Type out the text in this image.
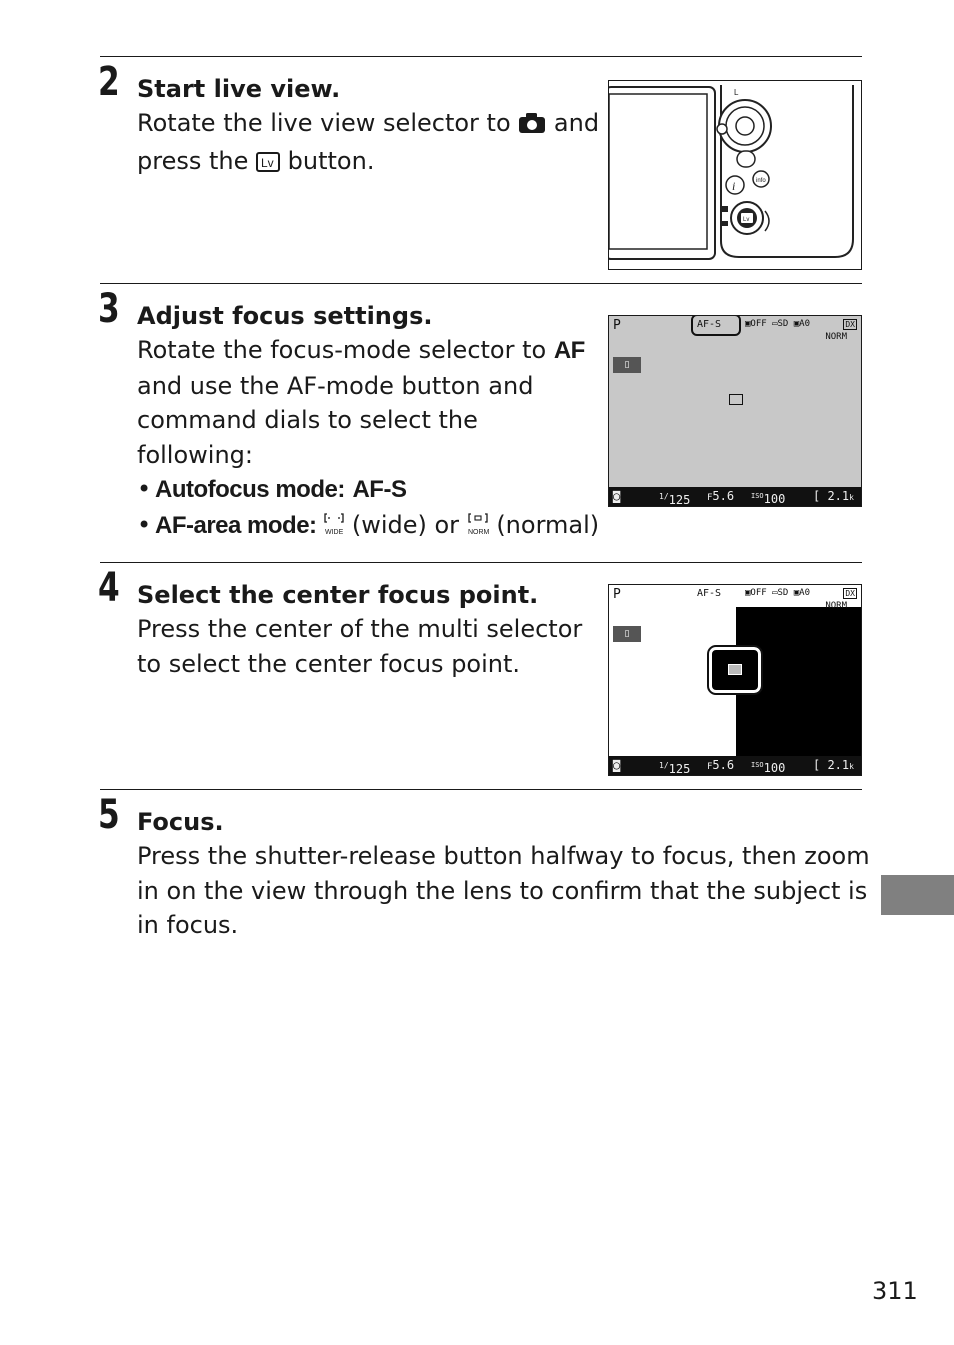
2 Start live view.

Rotate the live view selector to and
press the Lv button.

L
i	info
Lv
3 Adjust focus settings.
Rotate the focus-mode selector to AF
and use the AF-mode button and
command dials to select the
following:
• Autofocus mode: AF-S
• AF-area mode: WIDE (wide) or NORM (normal)
P	AF-S	▣OFF ▭SD ▣A0	DX
NORM
▯
◙	$^{1/}$125 F5.6 $^{ISO}$100 [ 2.1k
4 Select the center focus point.
Press the center of the multi selector
to select the center focus point.
P	AF-S	▣OFF ▭SD ▣A0	DX
NORM
▯
◙	$^{1/}$125 F5.6 $^{ISO}$100 [ 2.1k
5 Focus.
Press the shutter-release button halfway to focus, then zoom
in on the view through the lens to confirm that the subject is
in focus.
311
